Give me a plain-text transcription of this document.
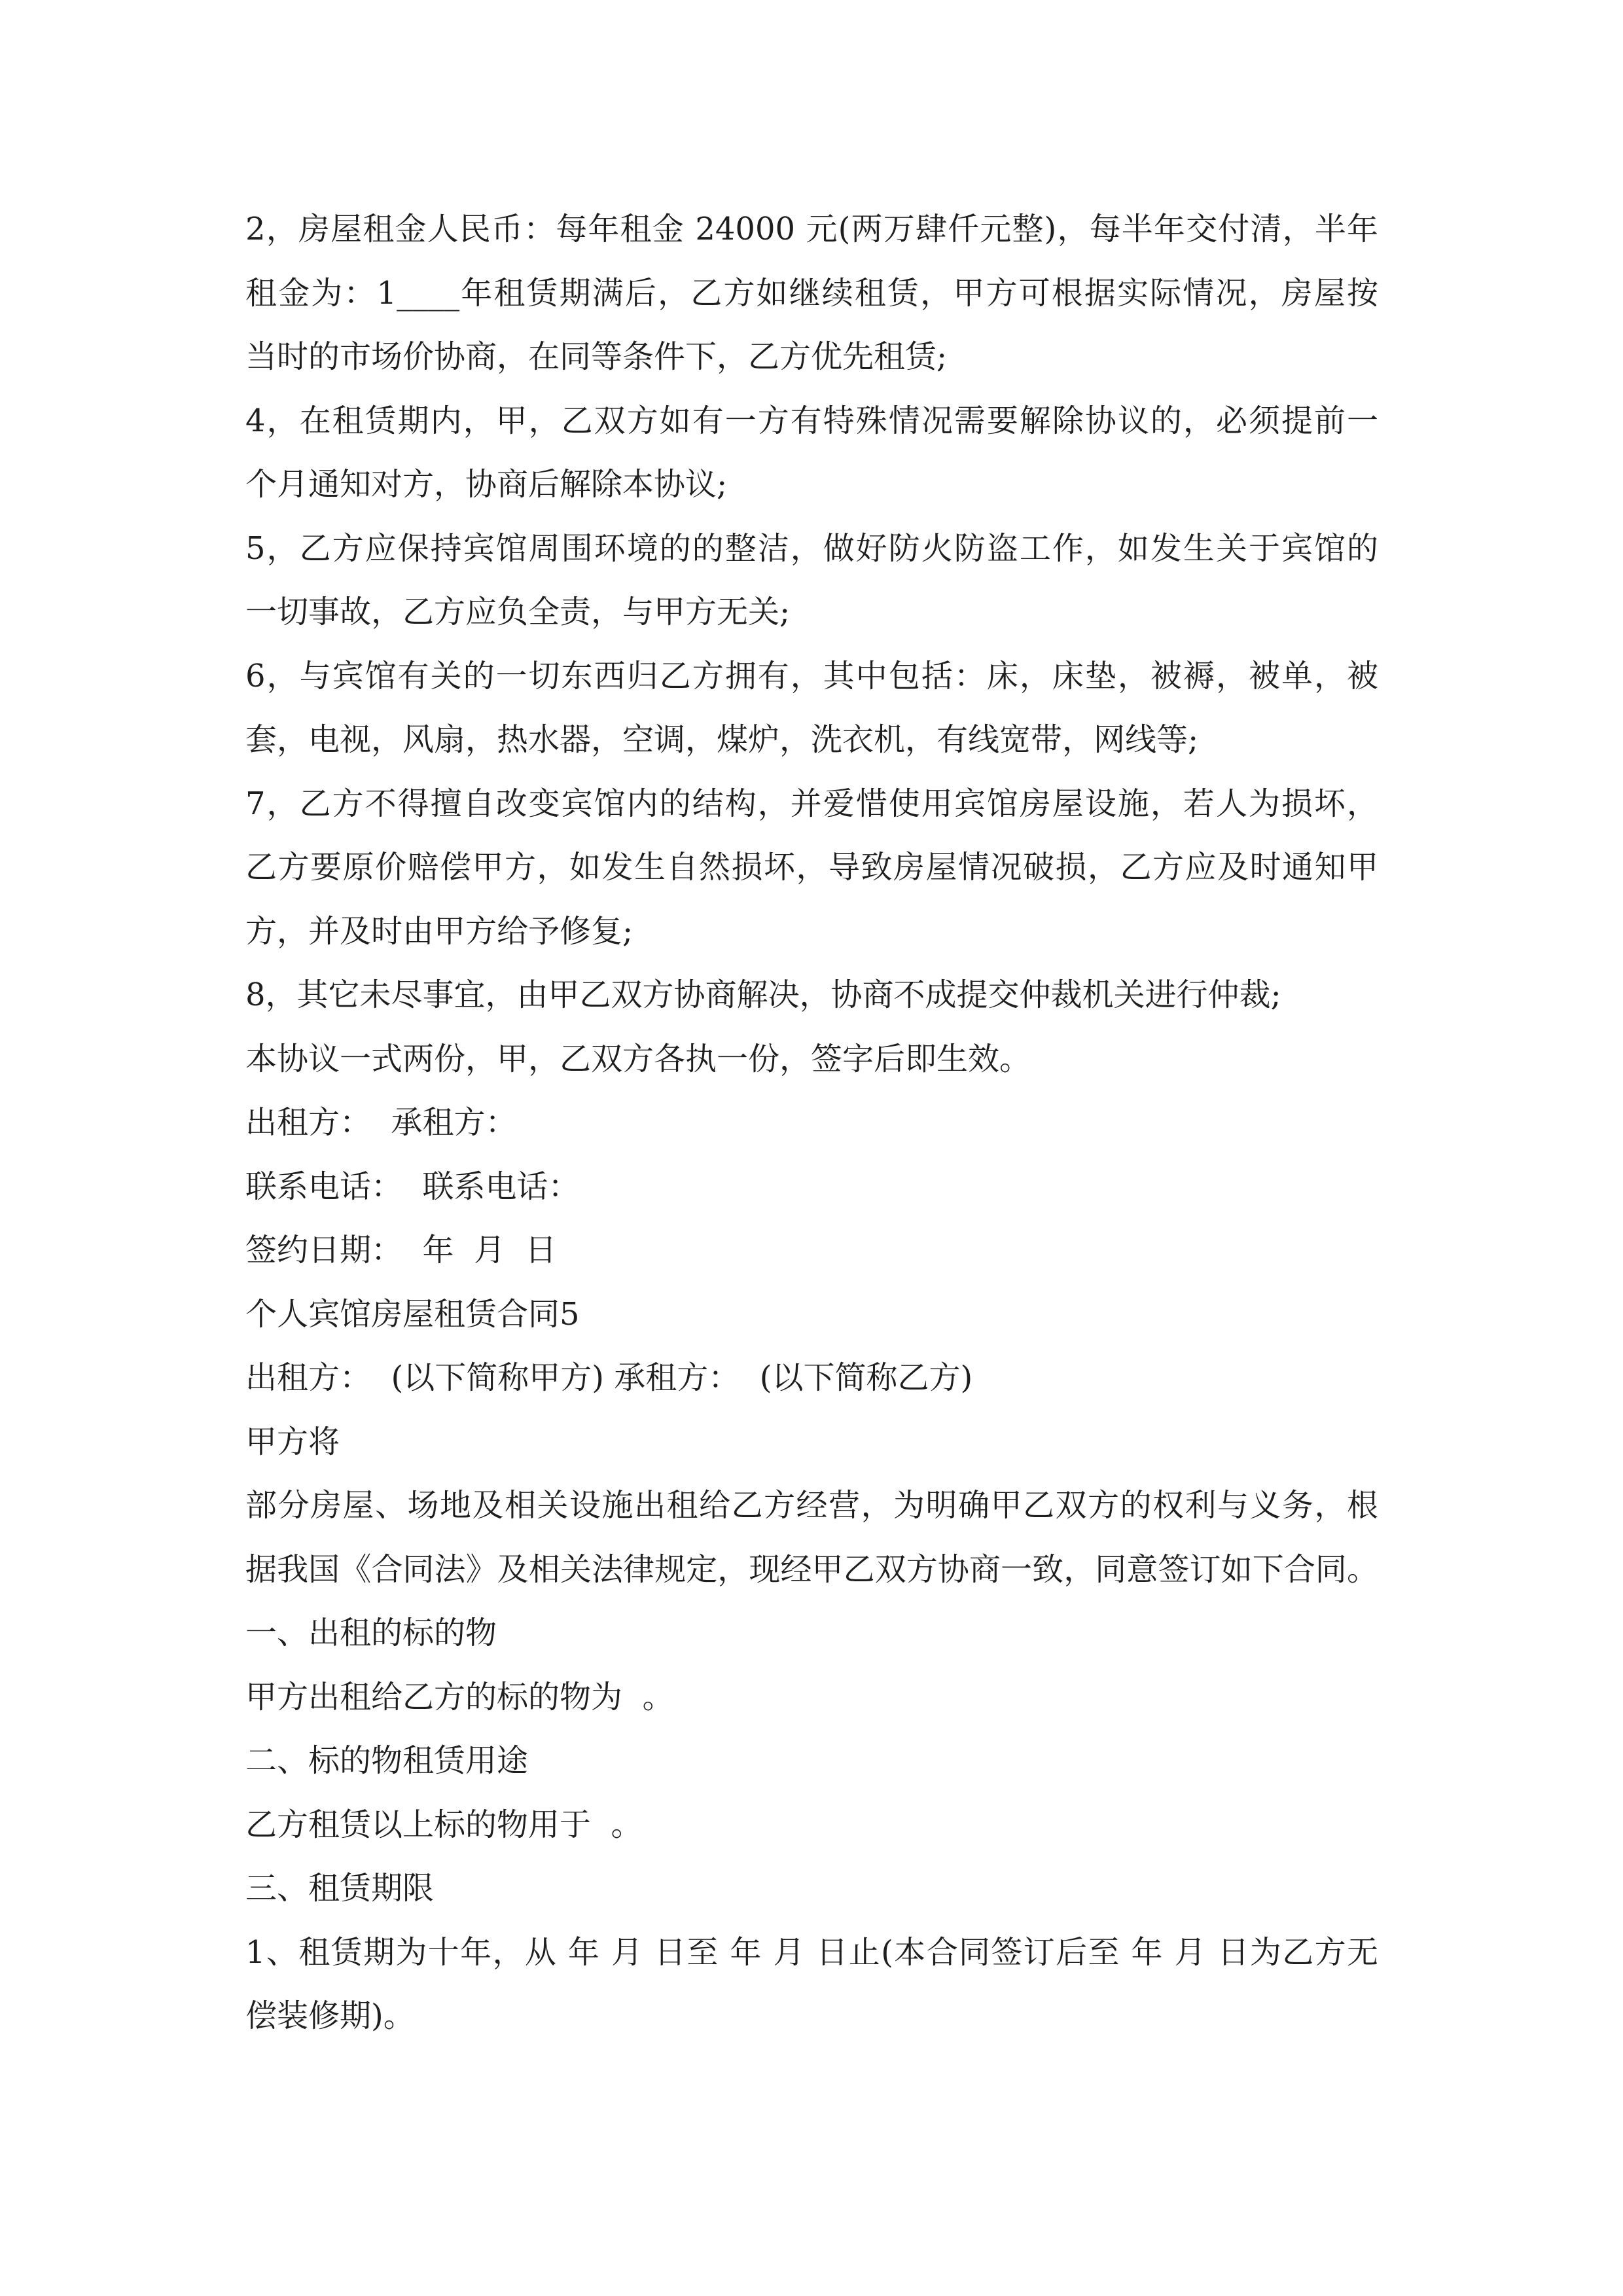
2，房屋租金人民币：每年租金 24000 元(两万肆仟元整)，每半年交付清，半年
租金为：1____年租赁期满后，乙方如继续租赁，甲方可根据实际情况，房屋按
当时的市场价协商，在同等条件下，乙方优先租赁;
4，在租赁期内，甲，乙双方如有一方有特殊情况需要解除协议的，必须提前一
个月通知对方，协商后解除本协议;
5，乙方应保持宾馆周围环境的的整洁，做好防火防盗工作，如发生关于宾馆的
一切事故，乙方应负全责，与甲方无关;
6，与宾馆有关的一切东西归乙方拥有，其中包括：床，床垫，被褥，被单，被
套，电视，风扇，热水器，空调，煤炉，洗衣机，有线宽带，网线等;
7，乙方不得擅自改变宾馆内的结构，并爱惜使用宾馆房屋设施，若人为损坏，
乙方要原价赔偿甲方，如发生自然损坏，导致房屋情况破损，乙方应及时通知甲
方，并及时由甲方给予修复;
8，其它未尽事宜，由甲乙双方协商解决，协商不成提交仲裁机关进行仲裁;
本协议一式两份，甲，乙双方各执一份，签字后即生效。
出租方：  承租方：
联系电话：  联系电话：
签约日期：  年  月  日
个人宾馆房屋租赁合同5
出租方：  (以下简称甲方) 承租方：  (以下简称乙方)
甲方将
部分房屋、场地及相关设施出租给乙方经营，为明确甲乙双方的权利与义务，根
据我国《合同法》及相关法律规定，现经甲乙双方协商一致，同意签订如下合同。
一、出租的标的物
甲方出租给乙方的标的物为  。
二、标的物租赁用途
乙方租赁以上标的物用于  。
三、租赁期限
1、租赁期为十年，从 年 月 日至 年 月 日止(本合同签订后至 年 月 日为乙方无
偿装修期)。
